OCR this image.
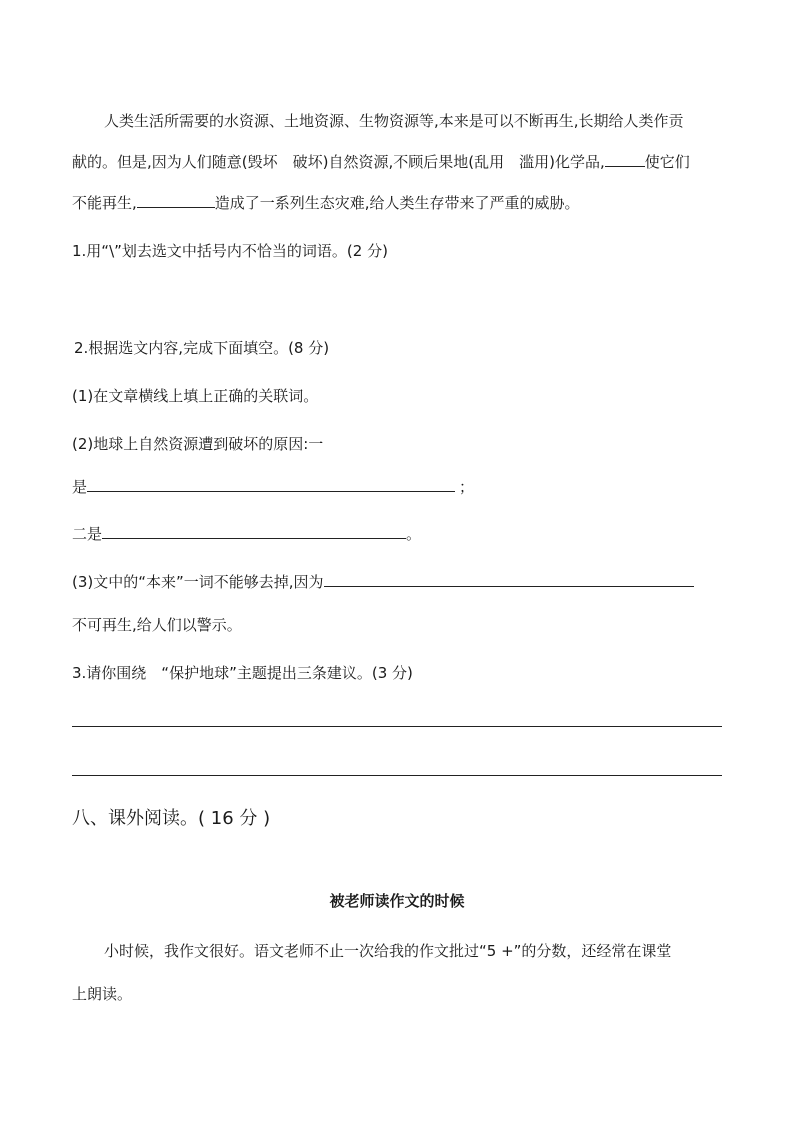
人类生活所需要的水资源、土地资源、生物资源等,本来是可以不断再生,长期给人类作贡
献的。但是,因为人们随意(毁坏　破坏)自然资源,不顾后果地(乱用　滥用)化学品,	使它们
不能再生,	造成了一系列生态灾难,给人类生存带来了严重的威胁。
1.用“\”划去选文中括号内不恰当的词语。(2 分)
2.根据选文内容,完成下面填空。(8 分)
(1)在文章横线上填上正确的关联词。
(2)地球上自然资源遭到破坏的原因:一
是	；
二是	。
(3)文中的“本来”一词不能够去掉,因为
不可再生,给人们以警示。
3.请你围绕　“保护地球”主题提出三条建议。(3 分)
八、课外阅读。( 16 分 )
被老师读作文的时候
小时候，我作文很好。语文老师不止一次给我的作文批过“5 +”的分数，还经常在课堂
上朗读。
